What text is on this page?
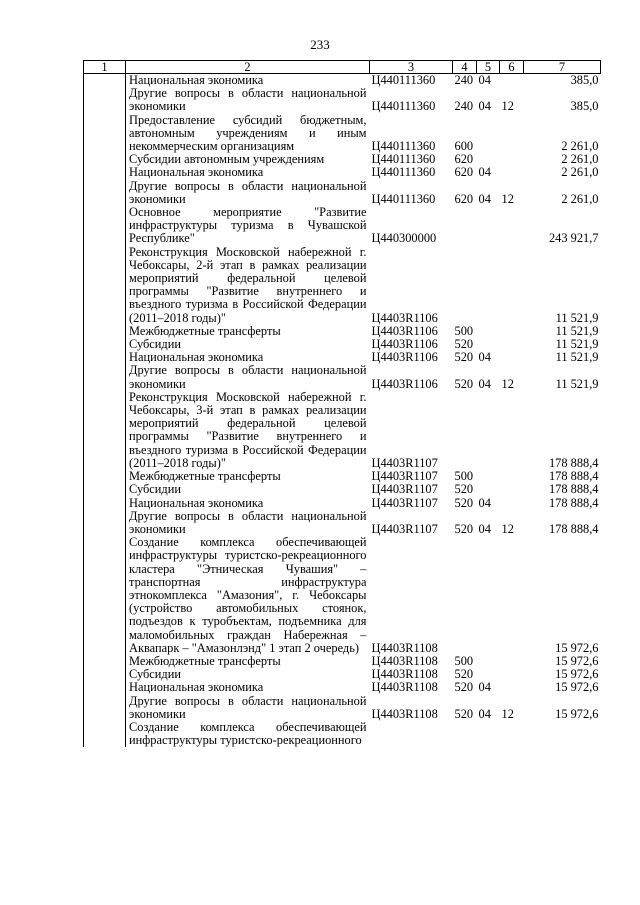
233
1	2	3	4	5	6	7
	Национальная экономика	Ц440111360	240	04		385,0
	Другие вопросы в области национальной экономики	Ц440111360	240	04	12	385,0
	Предоставление субсидий бюджетным, автономным учреждениям и иным некоммерческим организациям	Ц440111360	600			2 261,0
	Субсидии автономным учреждениям	Ц440111360	620			2 261,0
	Национальная экономика	Ц440111360	620	04		2 261,0
	Другие вопросы в области национальной экономики	Ц440111360	620	04	12	2 261,0
	Основное мероприятие "Развитие инфраструктуры туризма в Чувашской Республике"	Ц440300000				243 921,7
	Реконструкция Московской набережной г. Чебоксары, 2-й этап в рамках реализации мероприятий федеральной целевой программы "Развитие внутреннего и въездного туризма в Российской Федерации (2011–2018 годы)"	Ц4403R1106				11 521,9
	Межбюджетные трансферты	Ц4403R1106	500			11 521,9
	Субсидии	Ц4403R1106	520			11 521,9
	Национальная экономика	Ц4403R1106	520	04		11 521,9
	Другие вопросы в области национальной экономики	Ц4403R1106	520	04	12	11 521,9
	Реконструкция Московской набережной г. Чебоксары, 3-й этап в рамках реализации мероприятий федеральной целевой программы "Развитие внутреннего и въездного туризма в Российской Федерации (2011–2018 годы)"	Ц4403R1107				178 888,4
	Межбюджетные трансферты	Ц4403R1107	500			178 888,4
	Субсидии	Ц4403R1107	520			178 888,4
	Национальная экономика	Ц4403R1107	520	04		178 888,4
	Другие вопросы в области национальной экономики	Ц4403R1107	520	04	12	178 888,4
	Создание комплекса обеспечивающей инфраструктуры туристско-рекреационного кластера "Этническая Чувашия" – транспортная инфраструктура этнокомплекса "Амазония", г. Чебоксары (устройство автомобильных стоянок, подъездов к туробъектам, подъемника для маломобильных граждан Набережная – Аквапарк – "Амазонлэнд" 1 этап 2 очередь)	Ц4403R1108				15 972,6
	Межбюджетные трансферты	Ц4403R1108	500			15 972,6
	Субсидии	Ц4403R1108	520			15 972,6
	Национальная экономика	Ц4403R1108	520	04		15 972,6
	Другие вопросы в области национальной экономики	Ц4403R1108	520	04	12	15 972,6
	Создание комплекса обеспечивающей инфраструктуры туристско-рекреационного					
